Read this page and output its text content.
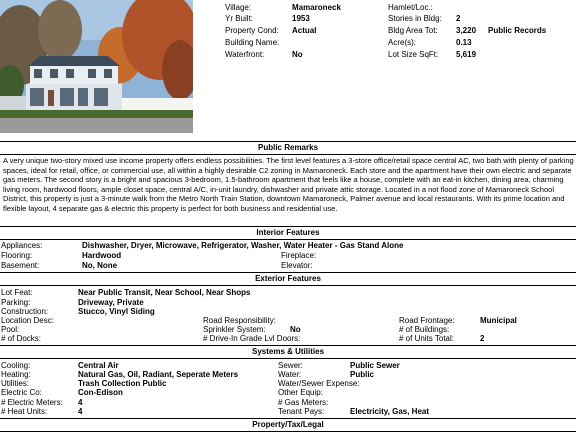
Village:	Mamaroneck	Hamlet/Loc.:
Yr Built:	1953	Stories in Bldg: 2
Property Cond: Actual	Bldg Area Tot: 3,220 Public Records
Building Name:	Acre(s):	0.13
Waterfront:	No	Lot Size SqFt: 5,619
Public Remarks
A very unique two-story mixed use income property offers endless possibilities. The first level features a 3-store office/retail space central AC, two bath with plenty of parking spaces, ideal for retail, office, or commercial use, all within a highly desirable C2 zoning in Mamaroneck. Each store and the apartment have their own electric and separate gas meters. The second story is a bright and spacious 3-bedroom, 1.5-bathroom apartment that feels like a house, complete with an eat-in kitchen, dining area, charming living room, hardwood floors, ample closet space, central A/C, in-unit laundry, dishwasher and private attic storage. Located in a not flood zone of Mamaroneck School District, this property is just a 3-minute walk from the Metro North Train Station, downtown Mamaroneck, Palmer avenue and local restaurants. With its prime location and flexible layout, 4 separate gas & electric this property is perfect for both business and residential use.
Interior Features
Appliances:	Dishwasher, Dryer, Microwave, Refrigerator, Washer, Water Heater - Gas Stand Alone
Flooring:	Hardwood	Fireplace:
Basement:	No, None	Elevator:
Exterior Features
Lot Feat:	Near Public Transit, Near School, Near Shops
Parking:	Driveway, Private
Construction:	Stucco, Vinyl Siding
Location Desc:	Road Responsibility:	Road Frontage:	Municipal
Pool:	Sprinkler System:	No	# of Buildings:
# of Docks:	# Drive-In Grade Lvl Doors:	# of Units Total:	2
Systems & Utilities
Cooling:	Central Air	Sewer:	Public Sewer
Heating:	Natural Gas, Oil, Radiant, Seperate Meters	Water:	Public
Utilities:	Trash Collection Public	Water/Sewer Expense:
Electric Co:	Con-Edison	Other Equip:
# Electric Meters: 4	# Gas Meters:
# Heat Units:	4	Tenant Pays:	Electricity, Gas, Heat
Property/Tax/Legal
